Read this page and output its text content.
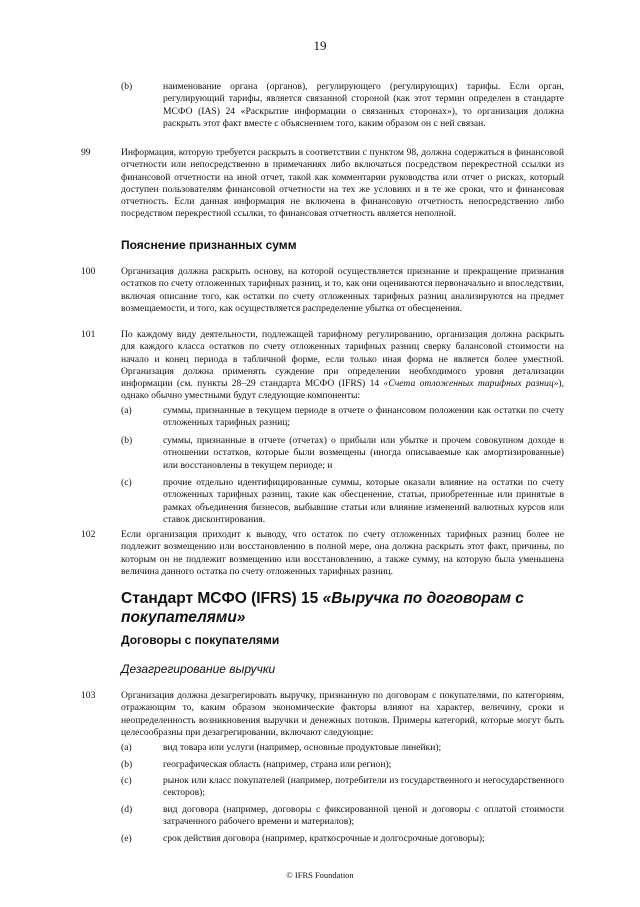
19
(b)	наименование органа (органов), регулирующего (регулирующих) тарифы. Если орган, регулирующий тарифы, является связанной стороной (как этот термин определен в стандарте МСФО (IAS) 24 «Раскрытие информации о связанных сторонах»), то организация должна раскрыть этот факт вместе с объяснением того, каким образом он с ней связан.
99	Информация, которую требуется раскрыть в соответствии с пунктом 98, должна содержаться в финансовой отчетности или непосредственно в примечаниях либо включаться посредством перекрестной ссылки из финансовой отчетности на иной отчет, такой как комментарии руководства или отчет о рисках, который доступен пользователям финансовой отчетности на тех же условиях и в те же сроки, что и финансовая отчетность. Если данная информация не включена в финансовую отчетность непосредственно либо посредством перекрестной ссылки, то финансовая отчетность является неполной.
Пояснение признанных сумм
100	Организация должна раскрыть основу, на которой осуществляется признание и прекращение признания остатков по счету отложенных тарифных разниц, и то, как они оцениваются первоначально и впоследствии, включая описание того, как остатки по счету отложенных тарифных разниц анализируются на предмет возмещаемости, и того, как осуществляется распределение убытка от обесценения.
101	По каждому виду деятельности, подлежащей тарифному регулированию, организация должна раскрыть для каждого класса остатков по счету отложенных тарифных разниц сверку балансовой стоимости на начало и конец периода в табличной форме, если только иная форма не является более уместной. Организация должна применять суждение при определении необходимого уровня детализации информации (см. пункты 28–29 стандарта МСФО (IFRS) 14 «Счета отложенных тарифных разниц»), однако обычно уместными будут следующие компоненты:
(a)	суммы, признанные в текущем периоде в отчете о финансовом положении как остатки по счету отложенных тарифных разниц;
(b)	суммы, признанные в отчете (отчетах) о прибыли или убытке и прочем совокупном доходе в отношении остатков, которые были возмещены (иногда описываемые как амортизированные) или восстановлены в текущем периоде; и
(c)	прочие отдельно идентифицированные суммы, которые оказали влияние на остатки по счету отложенных тарифных разниц, такие как обесценение, статьи, приобретенные или принятые в рамках объединения бизнесов, выбывшие статьи или влияние изменений валютных курсов или ставок дисконтирования.
102	Если организация приходит к выводу, что остаток по счету отложенных тарифных разниц более не подлежит возмещению или восстановлению в полной мере, она должна раскрыть этот факт, причины, по которым он не подлежит возмещению или восстановлению, а также сумму, на которую была уменьшена величина данного остатка по счету отложенных тарифных разниц.
Стандарт МСФО (IFRS) 15 «Выручка по договорам с покупателями»
Договоры с покупателями
Дезагрегирование выручки
103	Организация должна дезагрегировать выручку, признанную по договорам с покупателями, по категориям, отражающим то, каким образом экономические факторы влияют на характер, величину, сроки и неопределенность возникновения выручки и денежных потоков. Примеры категорий, которые могут быть целесообразны при дезагрегировании, включают следующие:
(a)	вид товара или услуги (например, основные продуктовые линейки);
(b)	географическая область (например, страна или регион);
(c)	рынок или класс покупателей (например, потребители из государственного и негосударственного секторов);
(d)	вид договора (например, договоры с фиксированной ценой и договоры с оплатой стоимости затраченного рабочего времени и материалов);
(e)	срок действия договора (например, краткосрочные и долгосрочные договоры);
© IFRS Foundation
